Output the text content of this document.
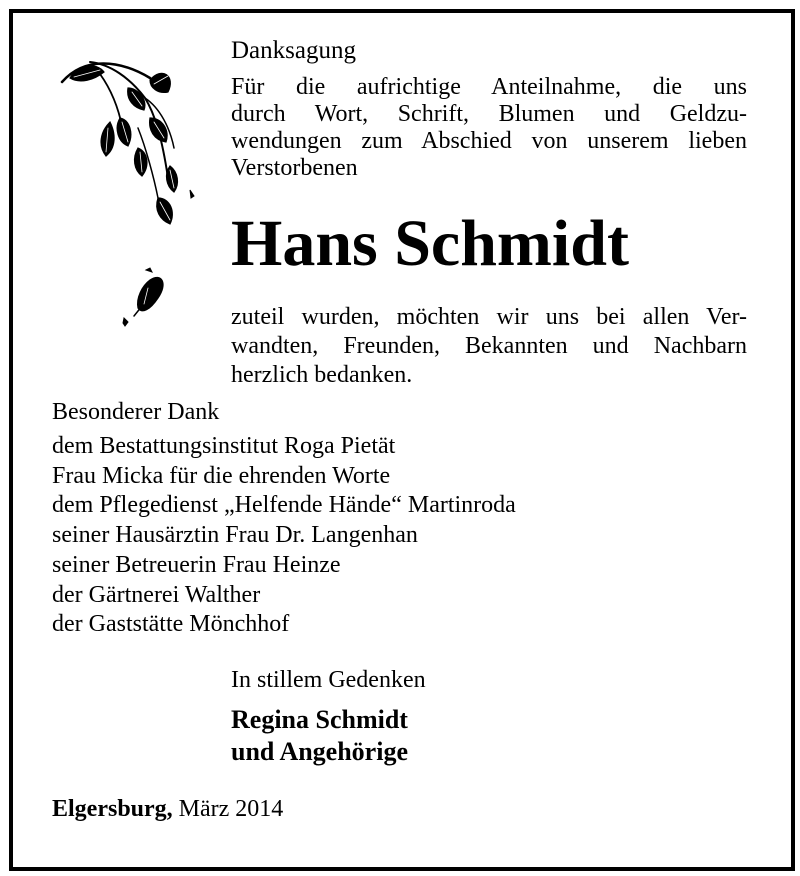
Danksagung

Für die aufrichtige Anteilnahme, die uns
durch Wort, Schrift, Blumen und Geldzu-
wendungen zum Abschied von unserem lieben
Verstorbenen

Hans Schmidt

zuteil wurden, möchten wir uns bei allen Ver-
wandten, Freunden, Bekannten und Nachbarn
herzlich bedanken.

Besonderer Dank

dem Bestattungsinstitut Roga Pietät
Frau Micka für die ehrenden Worte
dem Pflegedienst „Helfende Hände“ Martinroda
seiner Hausärztin Frau Dr. Langenhan
seiner Betreuerin Frau Heinze
der Gärtnerei Walther
der Gaststätte Mönchhof

In stillem Gedenken

Regina Schmidt
und Angehörige

Elgersburg, März 2014
